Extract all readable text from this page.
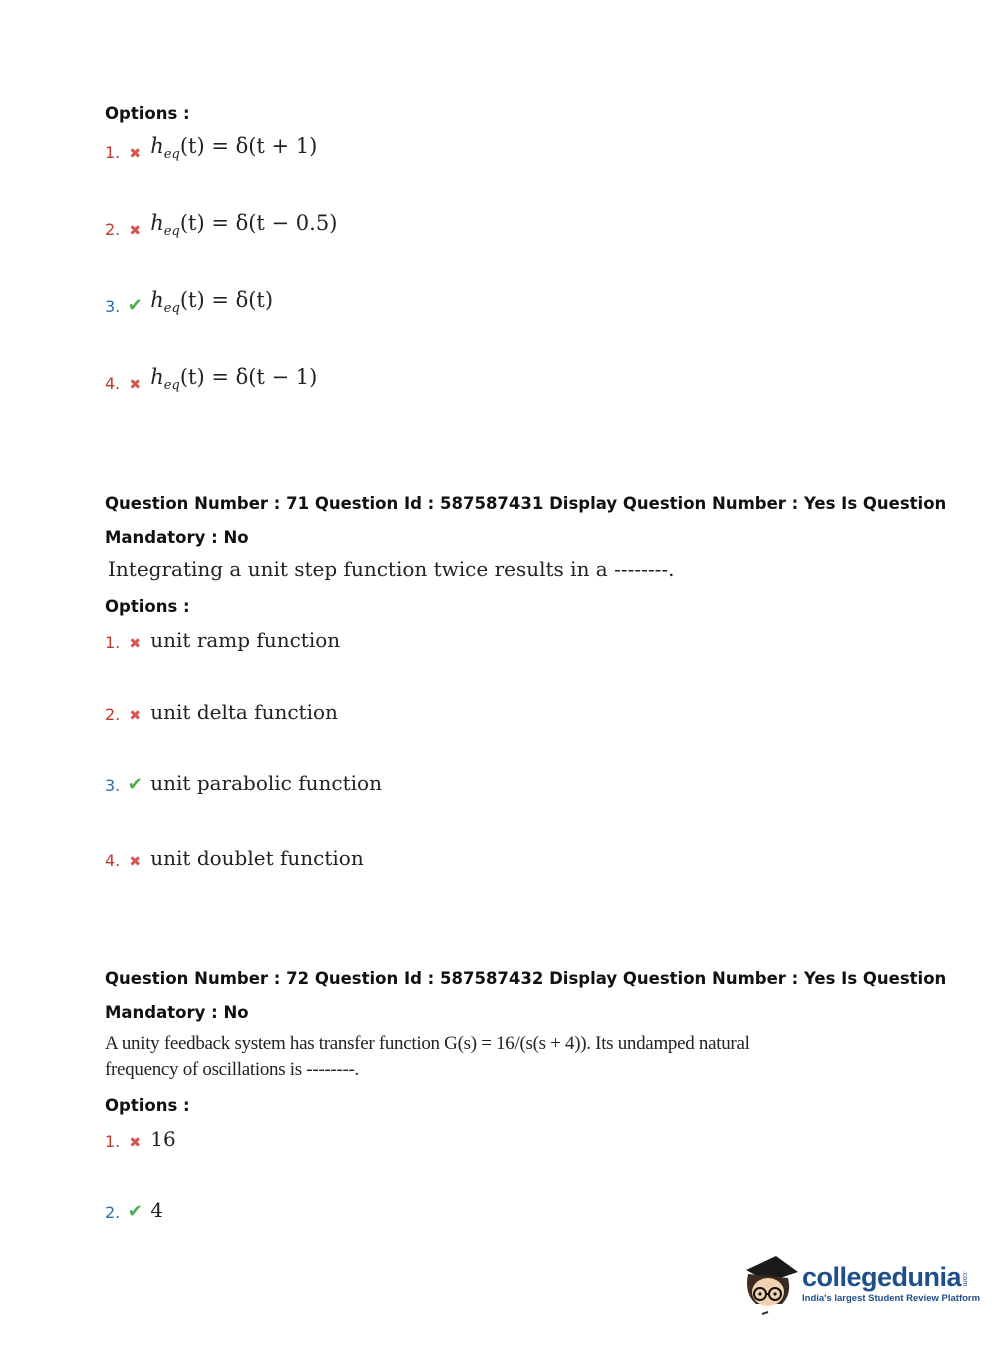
Options :
1. ✖ $h_{eq}(t) = \delta(t + 1)$
2. ✖ $h_{eq}(t) = \delta(t - 0.5)$
3. ✔ $h_{eq}(t) = \delta(t)$
4. ✖ $h_{eq}(t) = \delta(t - 1)$
Question Number : 71 Question Id : 587587431 Display Question Number : Yes Is Question
Mandatory : No
Integrating a unit step function twice results in a --------.
Options :
1. ✖ unit ramp function
2. ✖ unit delta function
3. ✔ unit parabolic function
4. ✖ unit doublet function
Question Number : 72 Question Id : 587587432 Display Question Number : Yes Is Question
Mandatory : No
A unity feedback system has transfer function G(s) = 16/(s(s + 4)). Its undamped natural
frequency of oscillations is --------.
Options :
1. ✖ 16
2. ✔ 4
collegedunia.com
India's largest Student Review Platform
